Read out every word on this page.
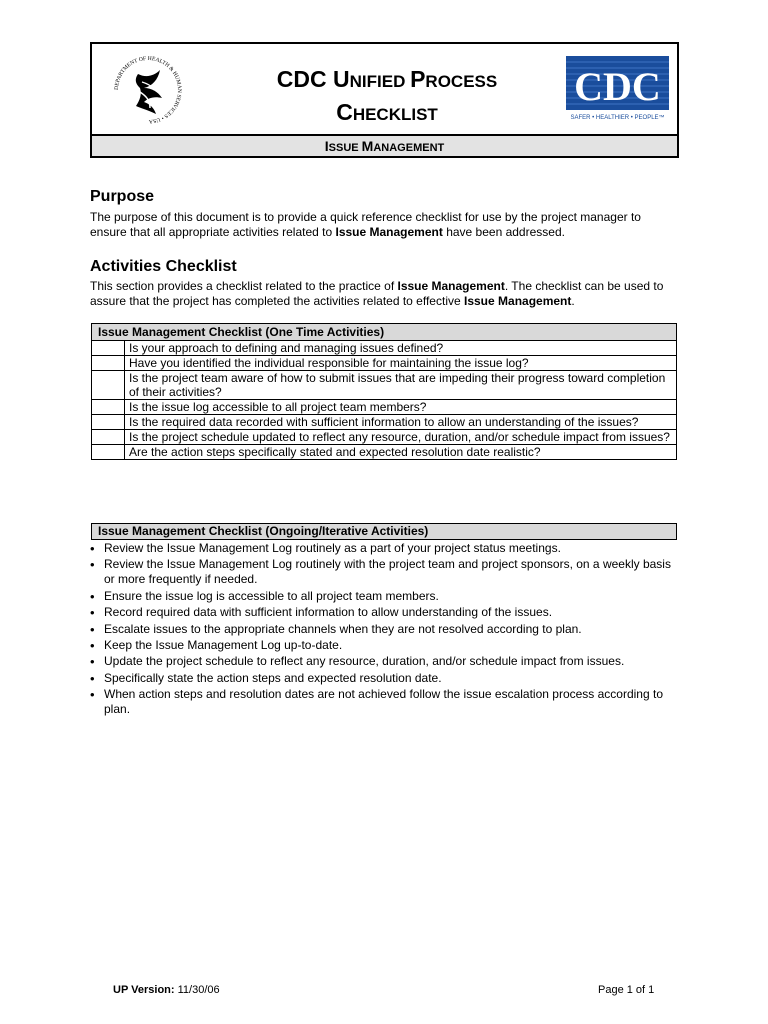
DEPARTMENT OF HEALTH & HUMAN SERVICES • USA
CDC UNIFIED PROCESS
CHECKLIST
CDC
SAFER • HEALTHIER • PEOPLE™
ISSUE MANAGEMENT
Purpose
The purpose of this document is to provide a quick reference checklist for use by the project manager to ensure that all appropriate activities related to Issue Management have been addressed.
Activities Checklist
This section provides a checklist related to the practice of Issue Management. The checklist can be used to assure that the project has completed the activities related to effective Issue Management.
Issue Management Checklist (One Time Activities)	
	Is your approach to defining and managing issues defined?
	Have you identified the individual responsible for maintaining the issue log?
	Is the project team aware of how to submit issues that are impeding their progress toward completion of their activities?
	Is the issue log accessible to all project team members?
	Is the required data recorded with sufficient information to allow an understanding of the issues?
	Is the project schedule updated to reflect any resource, duration, and/or schedule impact from issues?
	Are the action steps specifically stated and expected resolution date realistic?
Issue Management Checklist (Ongoing/Iterative Activities)
• Review the Issue Management Log routinely as a part of your project status meetings.
• Review the Issue Management Log routinely with the project team and project sponsors, on a weekly basis or more frequently if needed.
• Ensure the issue log is accessible to all project team members.
• Record required data with sufficient information to allow understanding of the issues.
• Escalate issues to the appropriate channels when they are not resolved according to plan.
• Keep the Issue Management Log up-to-date.
• Update the project schedule to reflect any resource, duration, and/or schedule impact from issues.
• Specifically state the action steps and expected resolution date.
• When action steps and resolution dates are not achieved follow the issue escalation process according to plan.
UP Version: 11/30/06	Page 1 of 1
